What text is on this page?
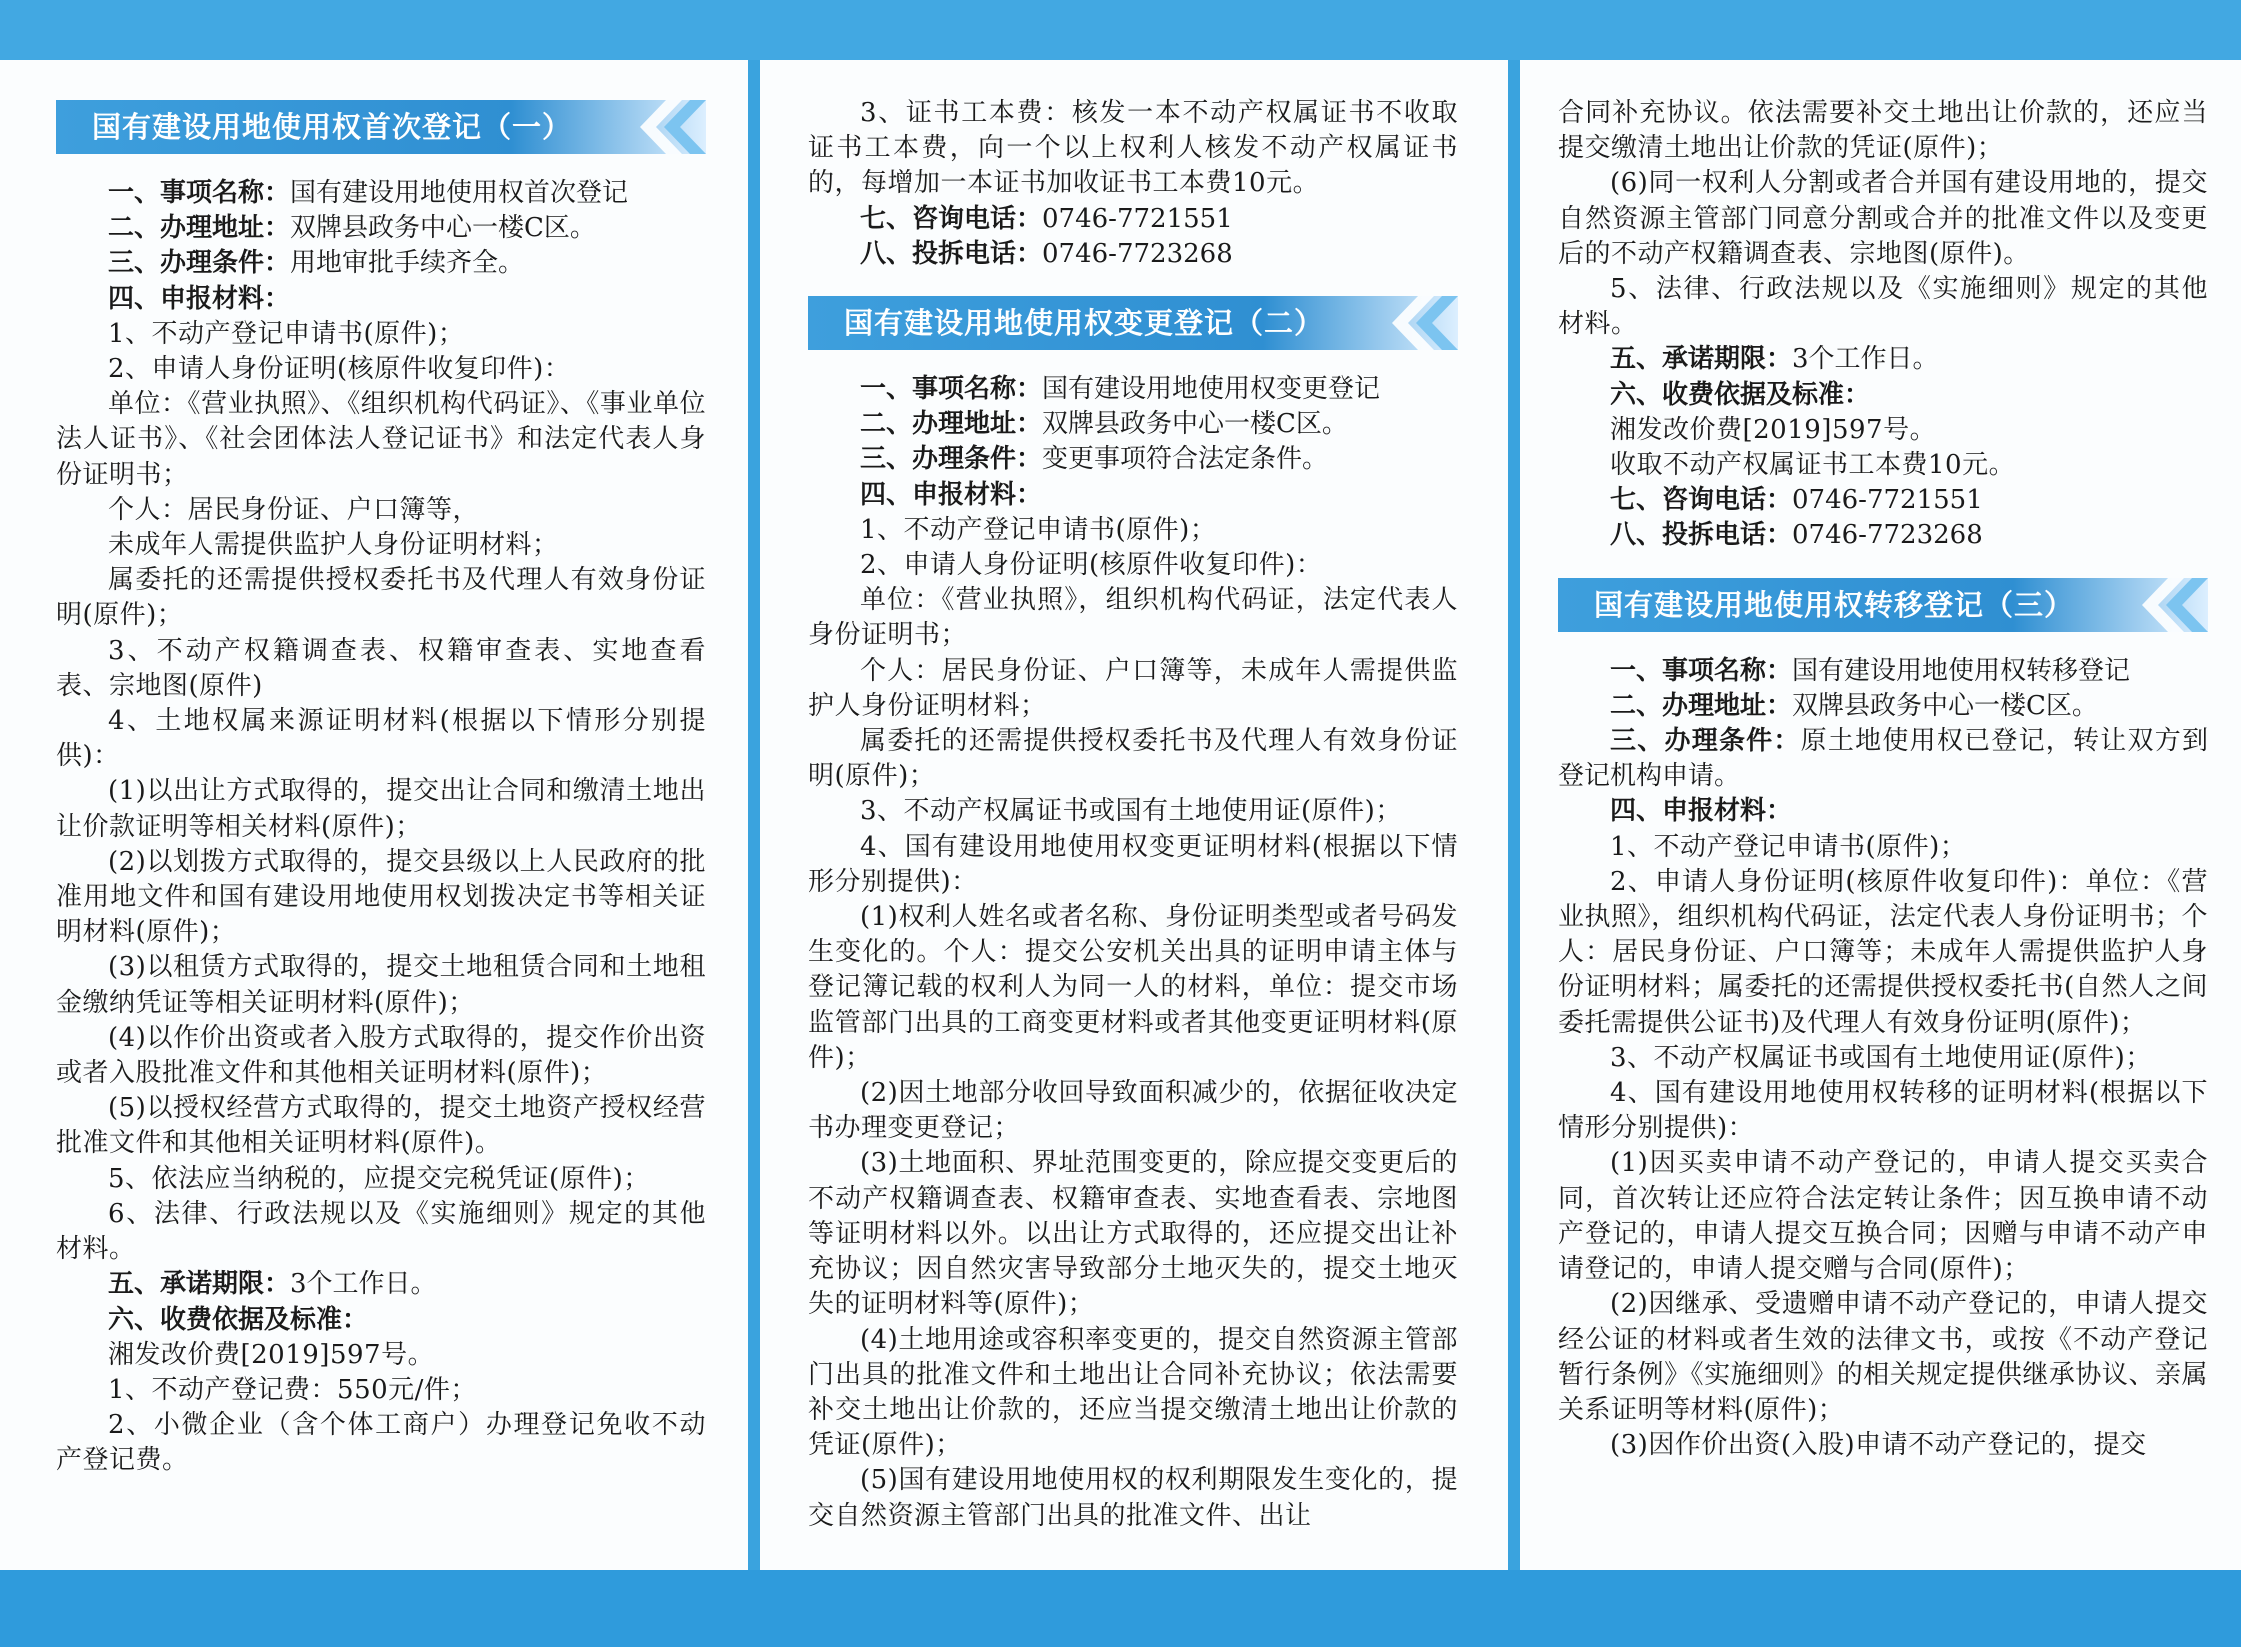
国有建设用地使用权首次登记（一）

一、事项名称：国有建设用地使用权首次登记

二、办理地址：双牌县政务中心一楼C区。

三、办理条件：用地审批手续齐全。

四、申报材料：

1、不动产登记申请书(原件)；

2、申请人身份证明(核原件收复印件)：

单位：《营业执照》、《组织机构代码证》、《事业单位法人证书》、《社会团体法人登记证书》和法定代表人身份证明书；

个人：居民身份证、户口簿等，

未成年人需提供监护人身份证明材料；

属委托的还需提供授权委托书及代理人有效身份证明(原件)；

3、不动产权籍调查表、权籍审查表、实地查看表、宗地图(原件)

4、土地权属来源证明材料(根据以下情形分别提供)：

(1)以出让方式取得的，提交出让合同和缴清土地出让价款证明等相关材料(原件)；

(2)以划拨方式取得的，提交县级以上人民政府的批准用地文件和国有建设用地使用权划拨决定书等相关证明材料(原件)；

(3)以租赁方式取得的，提交土地租赁合同和土地租金缴纳凭证等相关证明材料(原件)；

(4)以作价出资或者入股方式取得的，提交作价出资或者入股批准文件和其他相关证明材料(原件)；

(5)以授权经营方式取得的，提交土地资产授权经营批准文件和其他相关证明材料(原件)。

5、依法应当纳税的，应提交完税凭证(原件)；

6、法律、行政法规以及《实施细则》规定的其他材料。

五、承诺期限：3个工作日。

六、收费依据及标准：

湘发改价费[2019]597号。

1、不动产登记费：550元/件；

2、小微企业（含个体工商户）办理登记免收不动产登记费。

3、证书工本费：核发一本不动产权属证书不收取证书工本费，向一个以上权利人核发不动产权属证书的，每增加一本证书加收证书工本费10元。

七、咨询电话：0746-7721551

八、投拆电话：0746-7723268

国有建设用地使用权变更登记（二）

一、事项名称：国有建设用地使用权变更登记

二、办理地址：双牌县政务中心一楼C区。

三、办理条件：变更事项符合法定条件。

四、申报材料：

1、不动产登记申请书(原件)；

2、申请人身份证明(核原件收复印件)：

单位：《营业执照》，组织机构代码证，法定代表人身份证明书；

个人：居民身份证、户口簿等，未成年人需提供监护人身份证明材料；

属委托的还需提供授权委托书及代理人有效身份证明(原件)；

3、不动产权属证书或国有土地使用证(原件)；

4、国有建设用地使用权变更证明材料(根据以下情形分别提供)：

(1)权利人姓名或者名称、身份证明类型或者号码发生变化的。个人：提交公安机关出具的证明申请主体与登记簿记载的权利人为同一人的材料，单位：提交市场监管部门出具的工商变更材料或者其他变更证明材料(原件)；

(2)因土地部分收回导致面积减少的，依据征收决定书办理变更登记；

(3)土地面积、界址范围变更的，除应提交变更后的不动产权籍调查表、权籍审查表、实地查看表、宗地图等证明材料以外。以出让方式取得的，还应提交出让补充协议；因自然灾害导致部分土地灭失的，提交土地灭失的证明材料等(原件)；

(4)土地用途或容积率变更的，提交自然资源主管部门出具的批准文件和土地出让合同补充协议；依法需要补交土地出让价款的，还应当提交缴清土地出让价款的凭证(原件)；

(5)国有建设用地使用权的权利期限发生变化的，提交自然资源主管部门出具的批准文件、出让

合同补充协议。依法需要补交土地出让价款的，还应当提交缴清土地出让价款的凭证(原件)；

(6)同一权利人分割或者合并国有建设用地的，提交自然资源主管部门同意分割或合并的批准文件以及变更后的不动产权籍调查表、宗地图(原件)。

5、法律、行政法规以及《实施细则》规定的其他材料。

五、承诺期限：3个工作日。

六、收费依据及标准：

湘发改价费[2019]597号。

收取不动产权属证书工本费10元。

七、咨询电话：0746-7721551

八、投拆电话：0746-7723268

国有建设用地使用权转移登记（三）

一、事项名称：国有建设用地使用权转移登记

二、办理地址：双牌县政务中心一楼C区。

三、办理条件：原土地使用权已登记，转让双方到登记机构申请。

四、申报材料：

1、不动产登记申请书(原件)；

2、申请人身份证明(核原件收复印件)：单位：《营业执照》，组织机构代码证，法定代表人身份证明书；个人：居民身份证、户口簿等；未成年人需提供监护人身份证明材料；属委托的还需提供授权委托书(自然人之间委托需提供公证书)及代理人有效身份证明(原件)；

3、不动产权属证书或国有土地使用证(原件)；

4、国有建设用地使用权转移的证明材料(根据以下情形分别提供)：

(1)因买卖申请不动产登记的，申请人提交买卖合同，首次转让还应符合法定转让条件；因互换申请不动产登记的，申请人提交互换合同；因赠与申请不动产申请登记的，申请人提交赠与合同(原件)；

(2)因继承、受遗赠申请不动产登记的，申请人提交经公证的材料或者生效的法律文书，或按《不动产登记暂行条例》《实施细则》的相关规定提供继承协议、亲属关系证明等材料(原件)；

(3)因作价出资(入股)申请不动产登记的，提交
